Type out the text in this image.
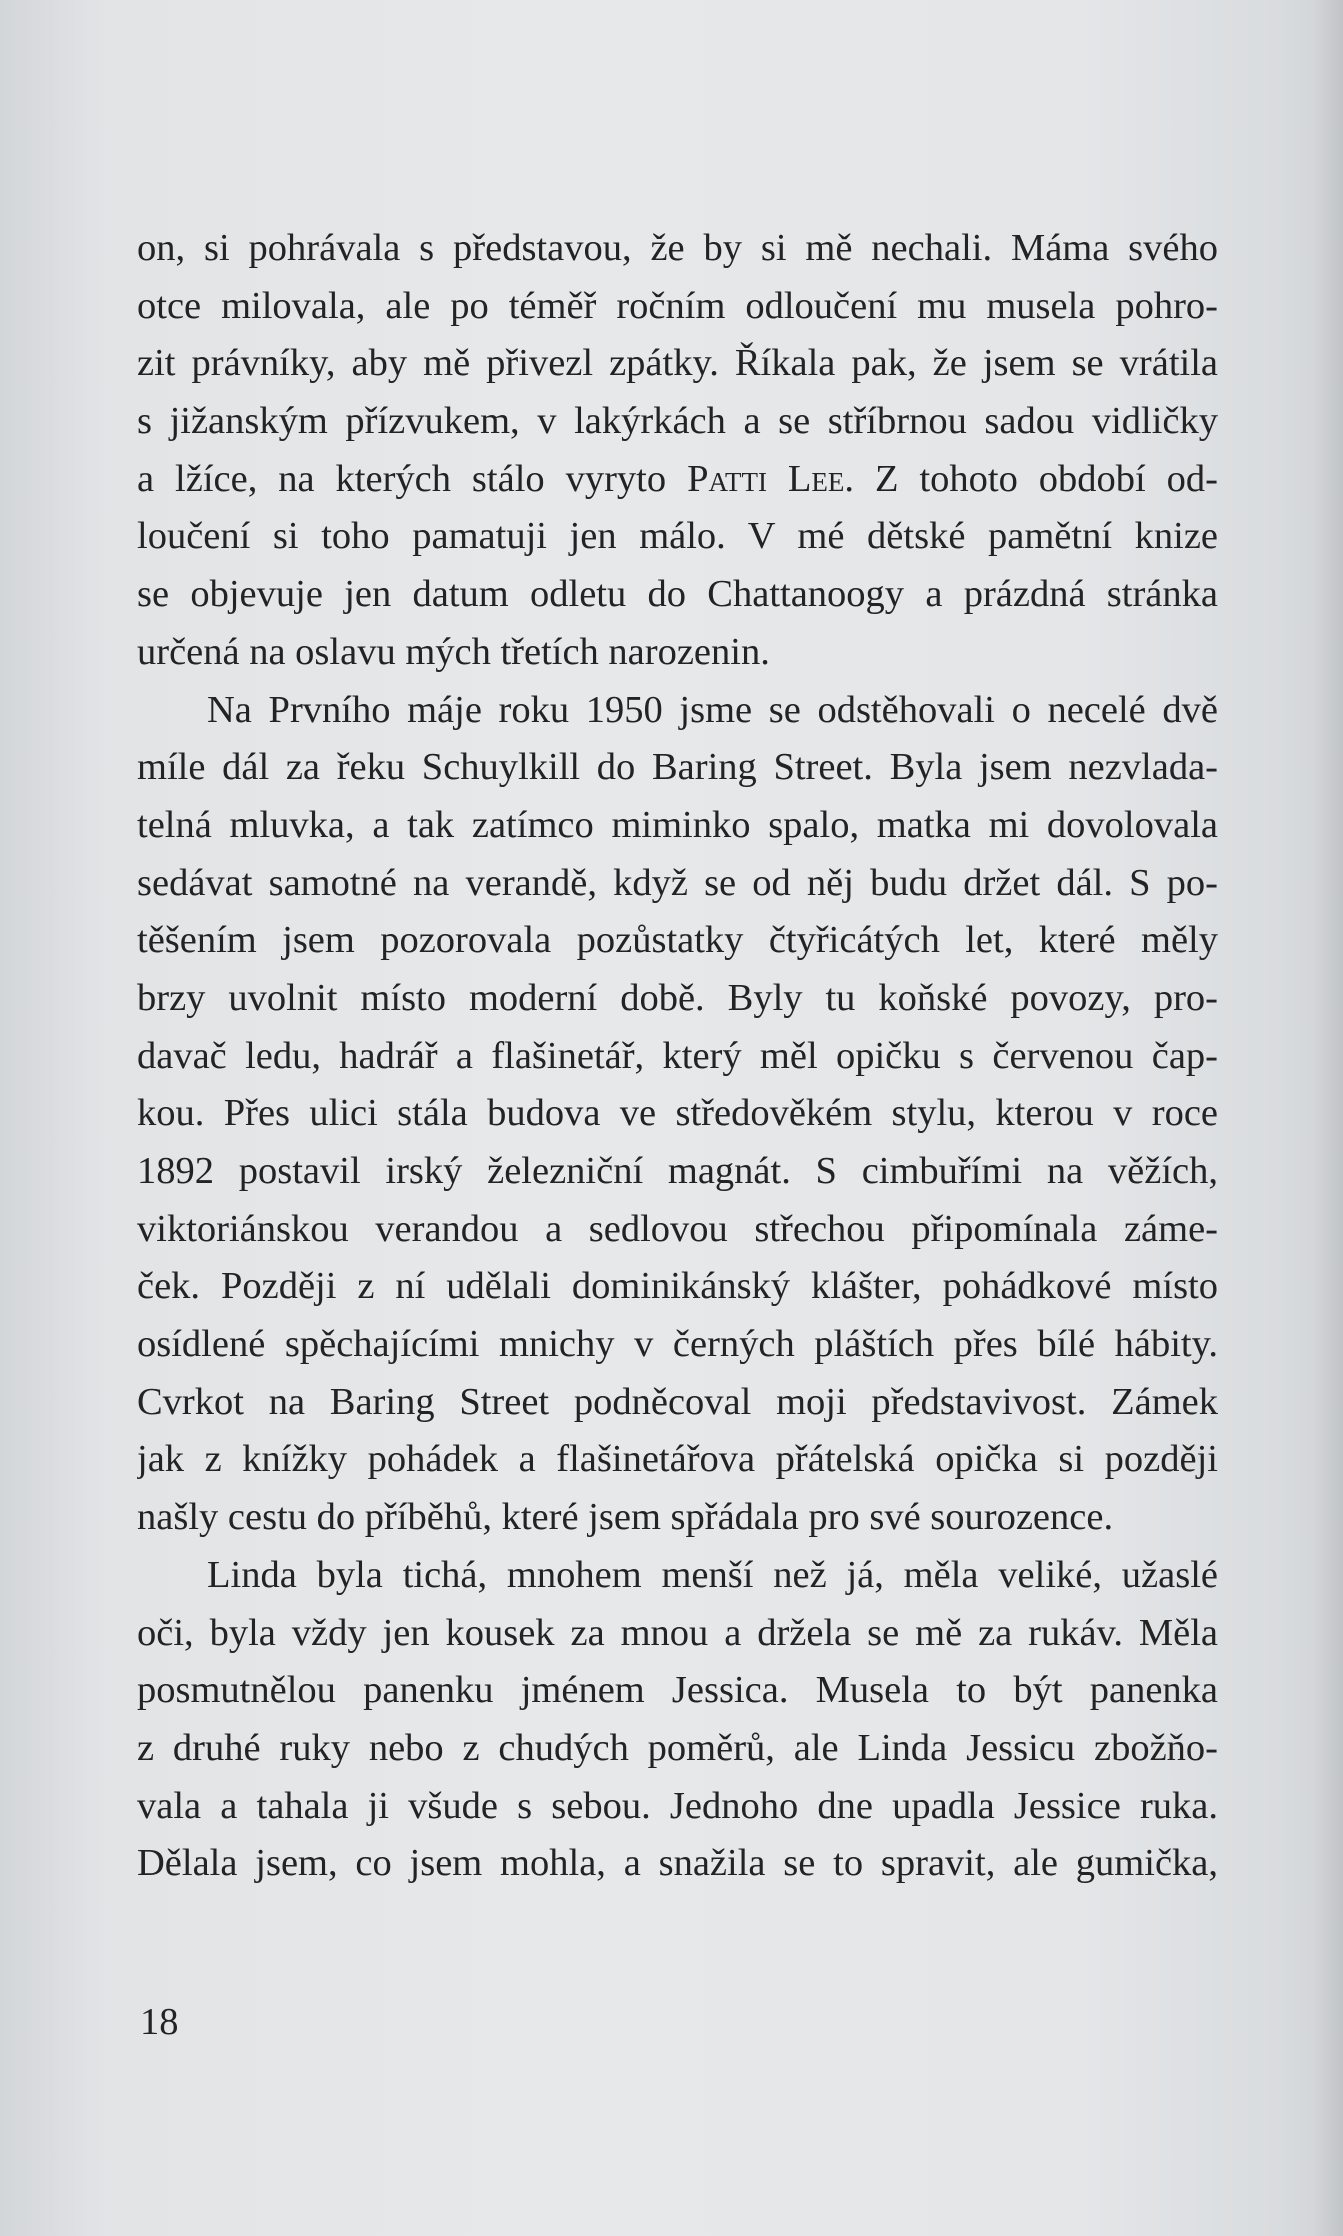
on, si pohrávala s představou, že by si mě nechali. Máma svého
otce milovala, ale po téměř ročním odloučení mu musela pohro-
zit právníky, aby mě přivezl zpátky. Říkala pak, že jsem se vrátila
s jižanským přízvukem, v lakýrkách a se stříbrnou sadou vidličky
a lžíce, na kterých stálo vyryto Patti Lee. Z tohoto období od-
loučení si toho pamatuji jen málo. V mé dětské pamětní knize
se objevuje jen datum odletu do Chattanoogy a prázdná stránka
určená na oslavu mých třetích narozenin.
Na Prvního máje roku 1950 jsme se odstěhovali o necelé dvě
míle dál za řeku Schuylkill do Baring Street. Byla jsem nezvlada-
telná mluvka, a tak zatímco miminko spalo, matka mi dovolovala
sedávat samotné na verandě, když se od něj budu držet dál. S po-
těšením jsem pozorovala pozůstatky čtyřicátých let, které měly
brzy uvolnit místo moderní době. Byly tu koňské povozy, pro-
davač ledu, hadrář a flašinetář, který měl opičku s červenou čap-
kou. Přes ulici stála budova ve středověkém stylu, kterou v roce
1892 postavil irský železniční magnát. S cimbuřími na věžích,
viktoriánskou verandou a sedlovou střechou připomínala záme-
ček. Později z ní udělali dominikánský klášter, pohádkové místo
osídlené spěchajícími mnichy v černých pláštích přes bílé hábity.
Cvrkot na Baring Street podněcoval moji představivost. Zámek
jak z knížky pohádek a flašinetářova přátelská opička si později
našly cestu do příběhů, které jsem spřádala pro své sourozence.
Linda byla tichá, mnohem menší než já, měla veliké, užaslé
oči, byla vždy jen kousek za mnou a držela se mě za rukáv. Měla
posmutnělou panenku jménem Jessica. Musela to být panenka
z druhé ruky nebo z chudých poměrů, ale Linda Jessicu zbožňo-
vala a tahala ji všude s sebou. Jednoho dne upadla Jessice ruka.
Dělala jsem, co jsem mohla, a snažila se to spravit, ale gumička,
18
